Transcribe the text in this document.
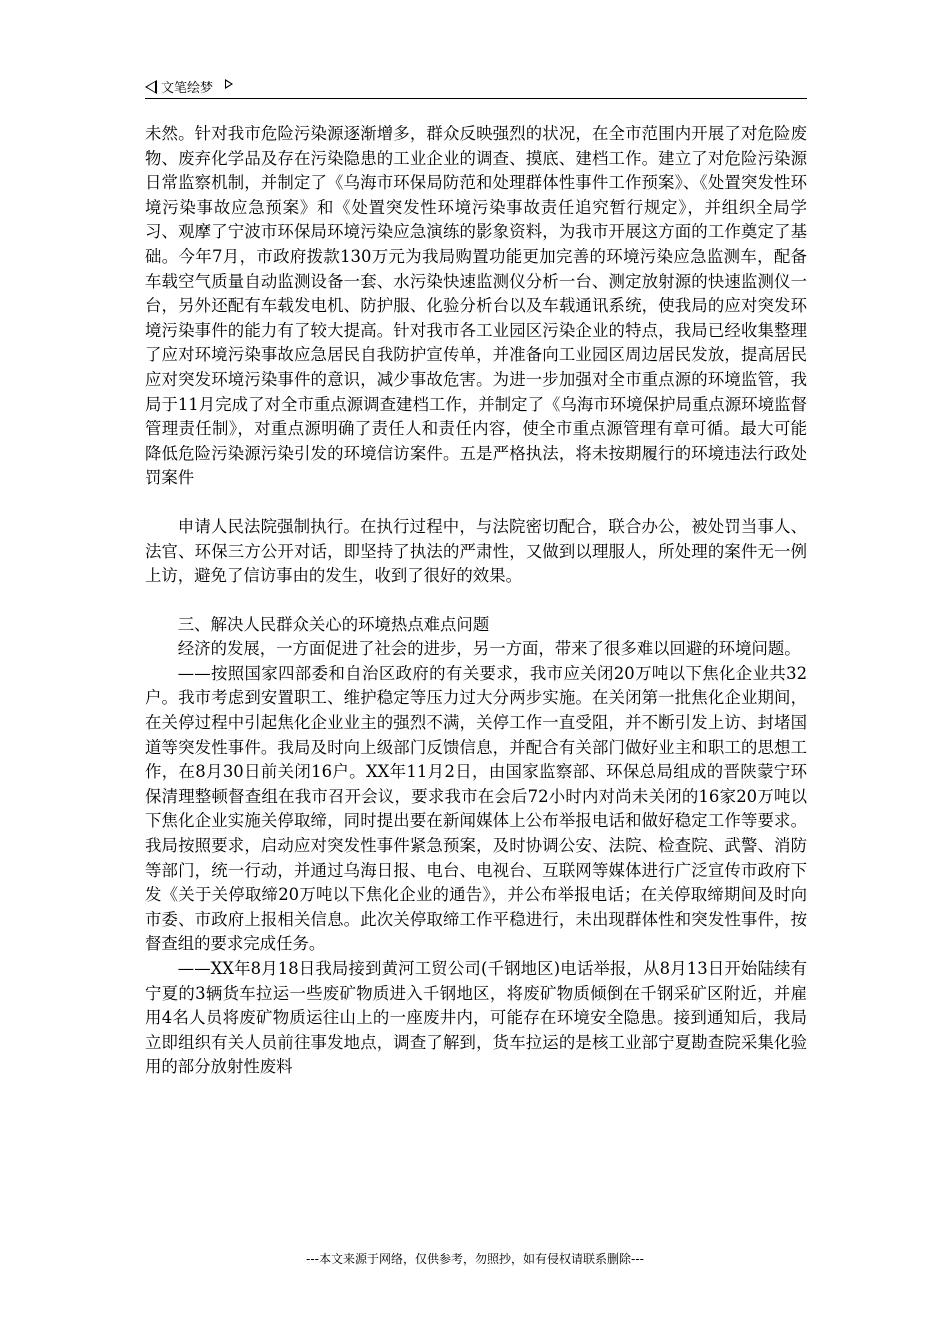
文笔绘梦

未然。针对我市危险污染源逐渐增多，群众反映强烈的状况，在全市范围内开展了对危险废物、废弃化学品及存在污染隐患的工业企业的调查、摸底、建档工作。建立了对危险污染源日常监察机制，并制定了《乌海市环保局防范和处理群体性事件工作预案》、《处置突发性环境污染事故应急预案》和《处置突发性环境污染事故责任追究暂行规定》，并组织全局学习、观摩了宁波市环保局环境污染应急演练的影象资料，为我市开展这方面的工作奠定了基础。今年7月，市政府拨款130万元为我局购置功能更加完善的环境污染应急监测车，配备车载空气质量自动监测设备一套、水污染快速监测仪分析一台、测定放射源的快速监测仪一台，另外还配有车载发电机、防护服、化验分析台以及车载通讯系统，使我局的应对突发环境污染事件的能力有了较大提高。针对我市各工业园区污染企业的特点，我局已经收集整理了应对环境污染事故应急居民自我防护宣传单，并准备向工业园区周边居民发放，提高居民应对突发环境污染事件的意识，减少事故危害。为进一步加强对全市重点源的环境监管，我局于11月完成了对全市重点源调查建档工作，并制定了《乌海市环境保护局重点源环境监督管理责任制》，对重点源明确了责任人和责任内容，使全市重点源管理有章可循。最大可能降低危险污染源污染引发的环境信访案件。五是严格执法，将未按期履行的环境违法行政处罚案件

申请人民法院强制执行。在执行过程中，与法院密切配合，联合办公，被处罚当事人、法官、环保三方公开对话，即坚持了执法的严肃性，又做到以理服人，所处理的案件无一例上访，避免了信访事由的发生，收到了很好的效果。

三、解决人民群众关心的环境热点难点问题

经济的发展，一方面促进了社会的进步，另一方面，带来了很多难以回避的环境问题。

——按照国家四部委和自治区政府的有关要求，我市应关闭20万吨以下焦化企业共32户。我市考虑到安置职工、维护稳定等压力过大分两步实施。在关闭第一批焦化企业期间，在关停过程中引起焦化企业业主的强烈不满，关停工作一直受阻，并不断引发上访、封堵国道等突发性事件。我局及时向上级部门反馈信息，并配合有关部门做好业主和职工的思想工作，在8月30日前关闭16户。XX年11月2日，由国家监察部、环保总局组成的晋陕蒙宁环保清理整顿督查组在我市召开会议，要求我市在会后72小时内对尚未关闭的16家20万吨以下焦化企业实施关停取缔，同时提出要在新闻媒体上公布举报电话和做好稳定工作等要求。我局按照要求，启动应对突发性事件紧急预案，及时协调公安、法院、检查院、武警、消防等部门，统一行动，并通过乌海日报、电台、电视台、互联网等媒体进行广泛宣传市政府下发《关于关停取缔20万吨以下焦化企业的通告》，并公布举报电话；在关停取缔期间及时向市委、市政府上报相关信息。此次关停取缔工作平稳进行，未出现群体性和突发性事件，按督查组的要求完成任务。

——XX年8月18日我局接到黄河工贸公司(千钢地区)电话举报，从8月13日开始陆续有宁夏的3辆货车拉运一些废矿物质进入千钢地区，将废矿物质倾倒在千钢采矿区附近，并雇用4名人员将废矿物质运往山上的一座废井内，可能存在环境安全隐患。接到通知后，我局立即组织有关人员前往事发地点，调查了解到，货车拉运的是核工业部宁夏勘查院采集化验用的部分放射性废料

---本文来源于网络，仅供参考，勿照抄，如有侵权请联系删除---
